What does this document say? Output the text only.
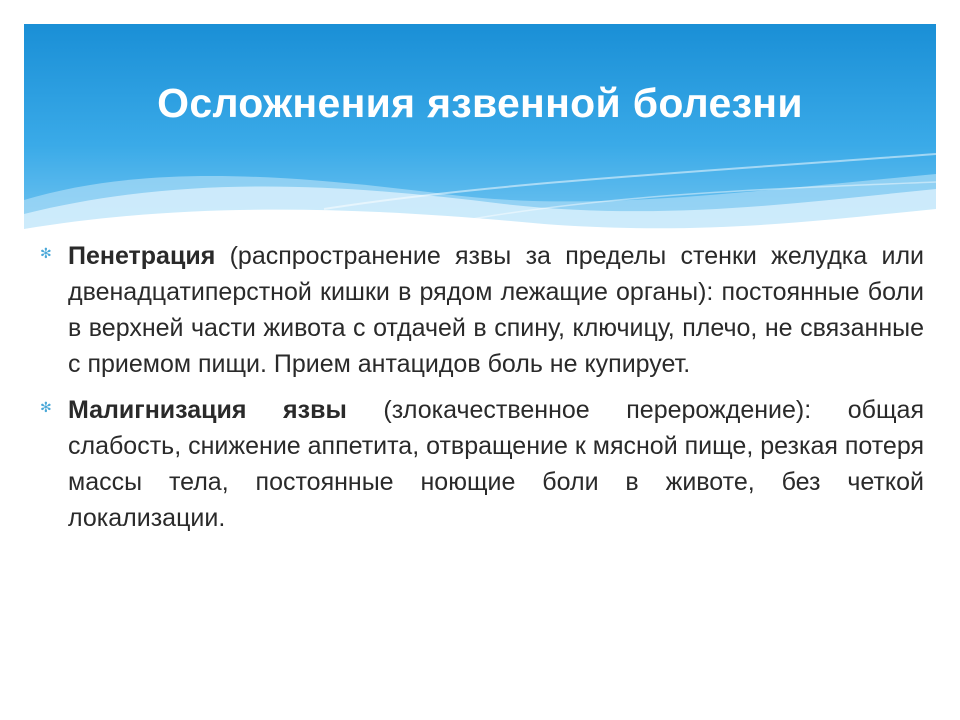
Осложнения язвенной болезни
✻ Пенетрация (распространение язвы за пределы стенки желудка или двенадцатиперстной кишки в рядом лежащие органы): постоянные боли в верхней части живота с отдачей в спину, ключицу, плечо, не связанные с приемом пищи. Прием антацидов боль не купирует.

✻ Малигнизация язвы (злокачественное перерождение): общая слабость, снижение аппетита, отвращение к мясной пище, резкая потеря массы тела, постоянные ноющие боли в животе, без четкой локализации.
